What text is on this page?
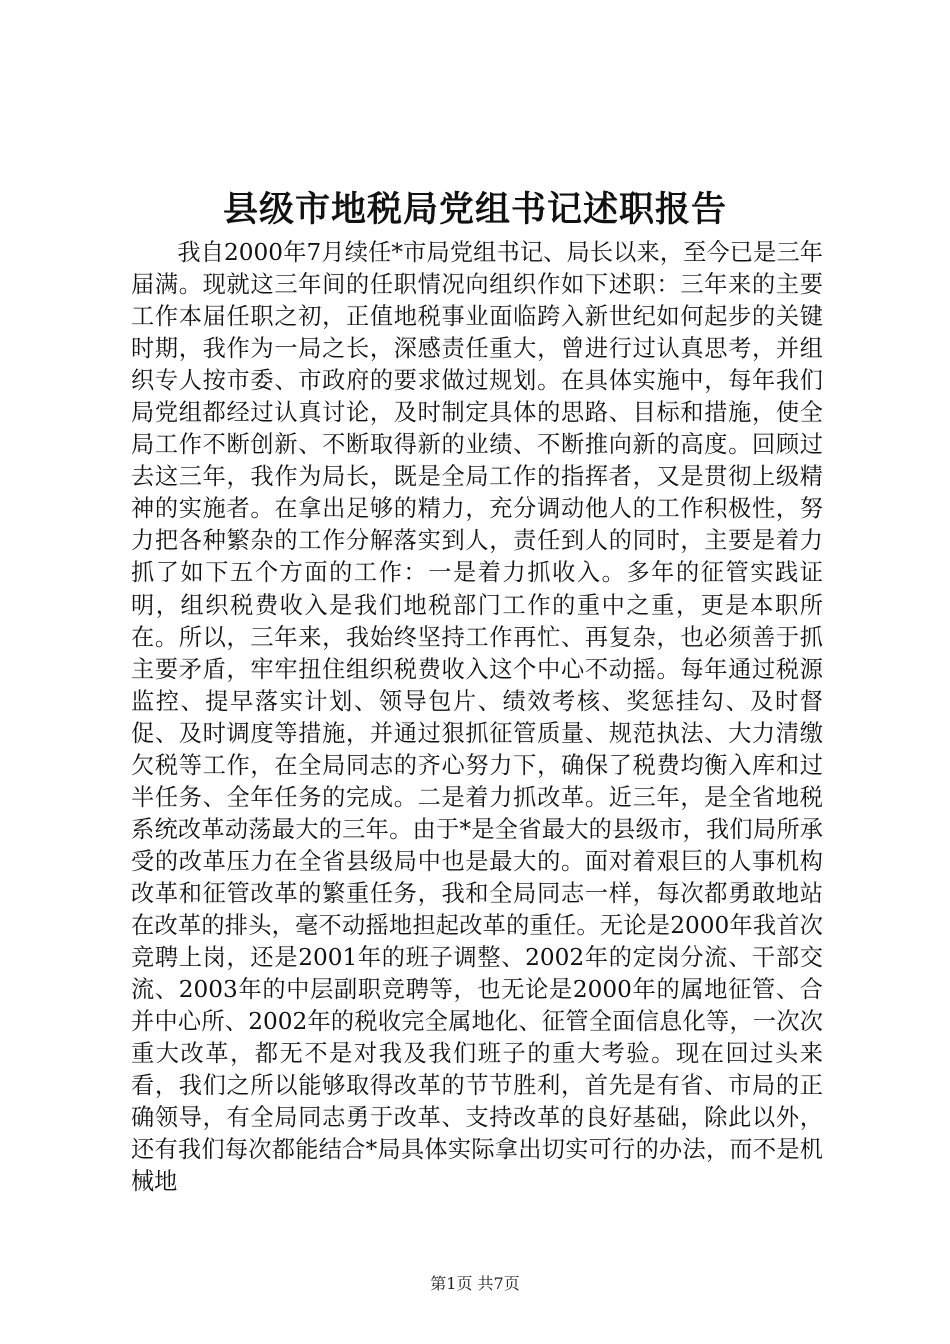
县级市地税局党组书记述职报告

我自2000年7月续任*市局党组书记、局长以来，至今已是三年届满。现就这三年间的任职情况向组织作如下述职：三年来的主要工作本届任职之初，正值地税事业面临跨入新世纪如何起步的关键时期，我作为一局之长，深感责任重大，曾进行过认真思考，并组织专人按市委、市政府的要求做过规划。在具体实施中，每年我们局党组都经过认真讨论，及时制定具体的思路、目标和措施，使全局工作不断创新、不断取得新的业绩、不断推向新的高度。回顾过去这三年，我作为局长，既是全局工作的指挥者，又是贯彻上级精神的实施者。在拿出足够的精力，充分调动他人的工作积极性，努力把各种繁杂的工作分解落实到人，责任到人的同时，主要是着力抓了如下五个方面的工作：一是着力抓收入。多年的征管实践证明，组织税费收入是我们地税部门工作的重中之重，更是本职所在。所以，三年来，我始终坚持工作再忙、再复杂，也必须善于抓主要矛盾，牢牢扭住组织税费收入这个中心不动摇。每年通过税源监控、提早落实计划、领导包片、绩效考核、奖惩挂勾、及时督促、及时调度等措施，并通过狠抓征管质量、规范执法、大力清缴欠税等工作，在全局同志的齐心努力下，确保了税费均衡入库和过半任务、全年任务的完成。二是着力抓改革。近三年，是全省地税系统改革动荡最大的三年。由于*是全省最大的县级市，我们局所承受的改革压力在全省县级局中也是最大的。面对着艰巨的人事机构改革和征管改革的繁重任务，我和全局同志一样，每次都勇敢地站在改革的排头，毫不动摇地担起改革的重任。无论是2000年我首次竞聘上岗，还是2001年的班子调整、2002年的定岗分流、干部交流、2003年的中层副职竞聘等，也无论是2000年的属地征管、合并中心所、2002年的税收完全属地化、征管全面信息化等，一次次重大改革，都无不是对我及我们班子的重大考验。现在回过头来看，我们之所以能够取得改革的节节胜利，首先是有省、市局的正确领导，有全局同志勇于改革、支持改革的良好基础，除此以外，还有我们每次都能结合*局具体实际拿出切实可行的办法，而不是机械地

第1页 共7页
